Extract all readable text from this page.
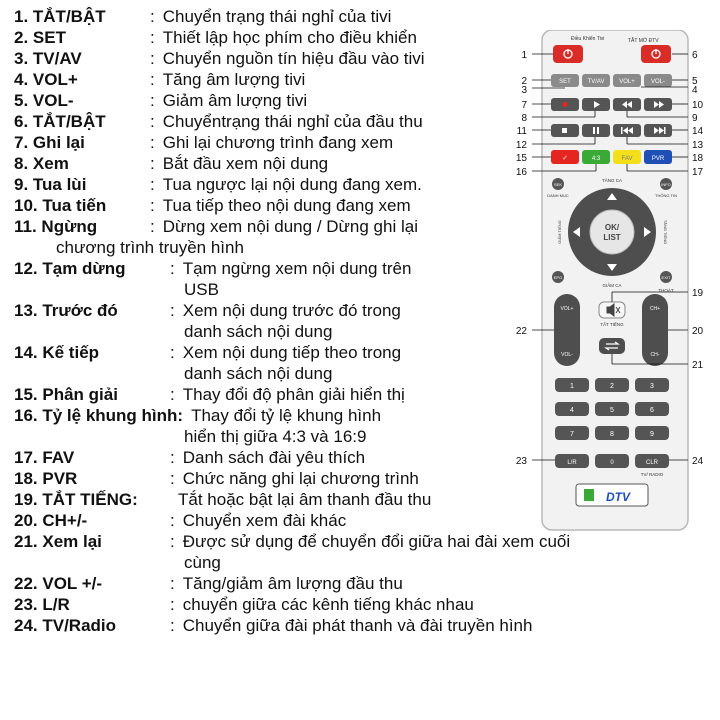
1. TẮT/BẬT	: Chuyển trạng thái nghỉ của tivi
2. SET	: Thiết lập học phím cho điều khiển
3. TV/AV	: Chuyển nguồn tín hiệu đầu vào tivi
4. VOL+	: Tăng âm lượng tivi
5. VOL-	: Giảm âm lượng tivi
6. TẮT/BẬT	: Chuyểntrạng thái nghỉ của đầu thu
7. Ghi lại	: Ghi lại chương trình đang xem
8. Xem	: Bắt đầu xem nội dung
9. Tua lùi	: Tua ngược lại nội dung đang xem.
10. Tua tiến	: Tua tiếp theo nội dung đang xem
11. Ngừng	: Dừng xem nội dung / Dừng ghi lại
chương trình truyền hình
12. Tạm dừng	: Tạm ngừng xem nội dung trên
USB
13. Trước đó	: Xem nội dung trước đó trong
danh sách nội dung
14. Kế tiếp	: Xem nội dung tiếp theo trong
danh sách nội dung
15. Phân giải	: Thay đổi độ phân giải hiển thị
16. Tỷ lệ khung hình: Thay đổi tỷ lệ khung hình
hiển thị giữa 4:3 và 16:9
17. FAV	: Danh sách đài yêu thích
18. PVR	: Chức năng ghi lại chương trình
19. TẮT TIẾNG:	Tắt hoặc bật lại âm thanh đầu thu
20. CH+/-	: Chuyển xem đài khác
21. Xem lại	: Được sử dụng để chuyển đổi giữa hai đài xem cuối
cùng
22. VOL +/-	: Tăng/giảm âm lượng đầu thu
23. L/R	: chuyển giữa các kênh tiếng khác nhau
24. TV/Radio	: Chuyển giữa đài phát thanh và đài truyền hình
Điều Khiển Tivi	TẮT MỞ ĐTV
SET	TV/AV VOL+	VOL-
✓	4:3	FAV	PVR
SEK
DANH MỤC
INFO
THÔNG TIN
TĂNG CA
OK/
LIST
GIẢM TIẾNG	TĂNG TIẾNG
GIẢM CA
EPG	EXIT
THOÁT
VOL+
VOL-
CH+
CH-
TẮT TIẾNG
1	2	3
4	5	6
7	8	9
L/R	0	CLR
TV/ RADIO
DTV
1
2
3
7
8
11
12
15
16
22
23
6
5
4
10
9
14
13
18
17
19
20
21
24
